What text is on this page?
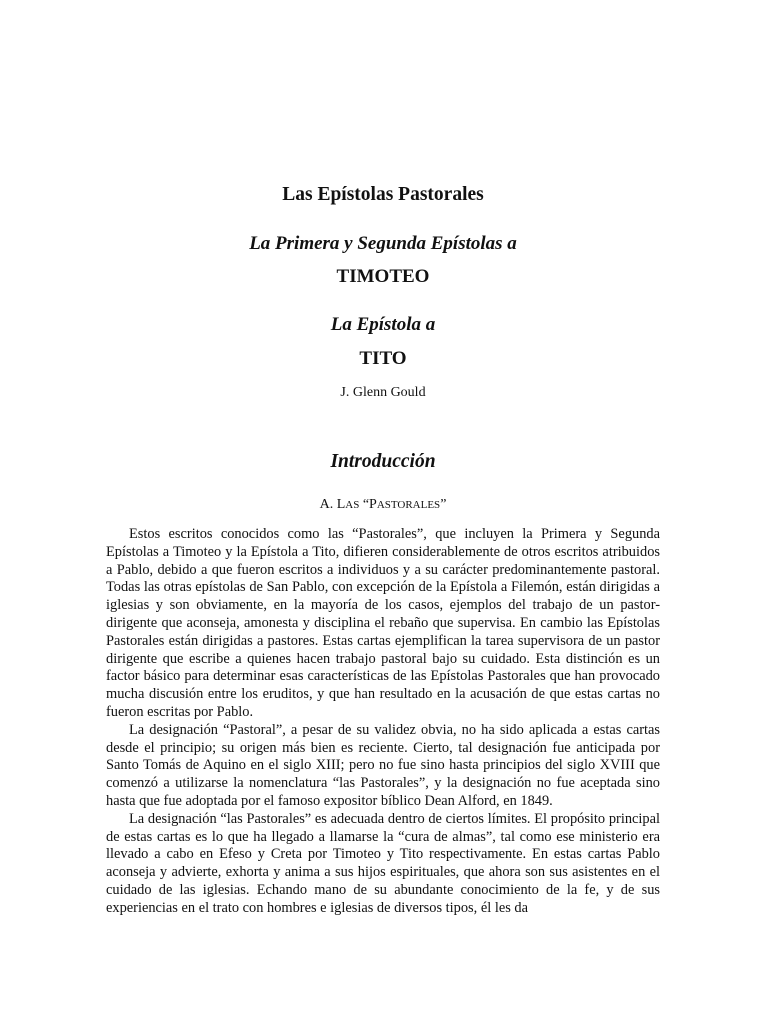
Las Epístolas Pastorales
La Primera y Segunda Epístolas a
TIMOTEO
La Epístola a
TITO
J. Glenn Gould
Introducción
A. LAS “PASTORALES”

Estos escritos conocidos como las “Pastorales”, que incluyen la Primera y Segunda Epístolas a Timoteo y la Epístola a Tito, difieren considerablemente de otros escritos atribuidos a Pablo, debido a que fueron escritos a individuos y a su carácter predominantemente pastoral. Todas las otras epístolas de San Pablo, con excepción de la Epístola a Filemón, están dirigidas a iglesias y son obviamente, en la mayoría de los casos, ejemplos del trabajo de un pastor-dirigente que aconseja, amonesta y disciplina el rebaño que supervisa. En cambio las Epístolas Pastorales están dirigidas a pastores. Estas cartas ejemplifican la tarea supervisora de un pastor dirigente que escribe a quienes hacen trabajo pastoral bajo su cuidado. Esta distinción es un factor básico para determinar esas características de las Epístolas Pastorales que han provocado mucha discusión entre los eruditos, y que han resultado en la acusación de que estas cartas no fueron escritas por Pablo.

La designación “Pastoral”, a pesar de su validez obvia, no ha sido aplicada a estas cartas desde el principio; su origen más bien es reciente. Cierto, tal designación fue anticipada por Santo Tomás de Aquino en el siglo XIII; pero no fue sino hasta principios del siglo XVIII que comenzó a utilizarse la nomenclatura “las Pastorales”, y la designación no fue aceptada sino hasta que fue adoptada por el famoso expositor bíblico Dean Alford, en 1849.

La designación “las Pastorales” es adecuada dentro de ciertos límites. El propósito principal de estas cartas es lo que ha llegado a llamarse la “cura de almas”, tal como ese ministerio era llevado a cabo en Efeso y Creta por Timoteo y Tito respectivamente. En estas cartas Pablo aconseja y advierte, exhorta y anima a sus hijos espirituales, que ahora son sus asistentes en el cuidado de las iglesias. Echando mano de su abundante conocimiento de la fe, y de sus experiencias en el trato con hombres e iglesias de diversos tipos, él les da
